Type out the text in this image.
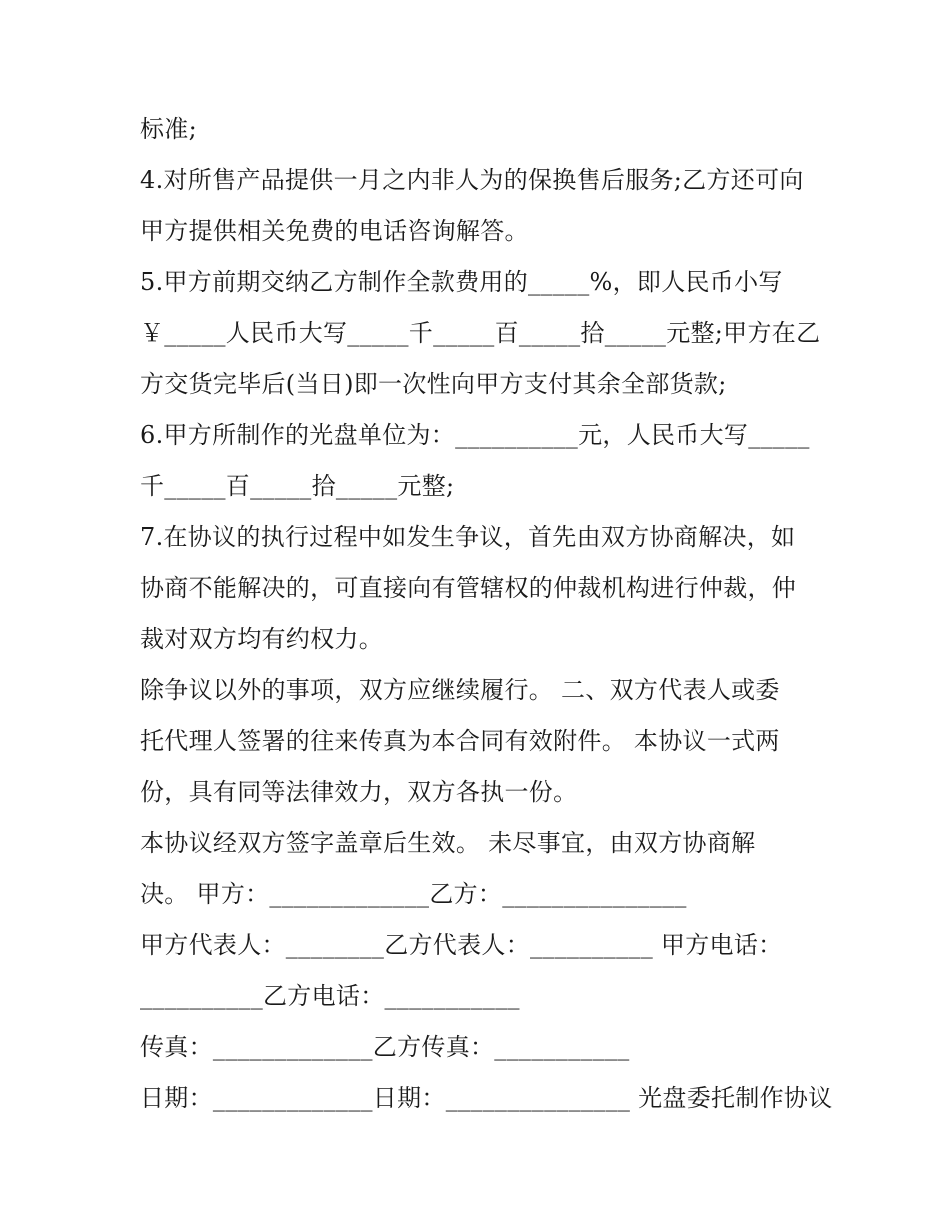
标准;
4.对所售产品提供一月之内非人为的保换售后服务;乙方还可向
甲方提供相关免费的电话咨询解答。
5.甲方前期交纳乙方制作全款费用的_____%，即人民币小写
￥_____人民币大写_____千_____百_____拾_____元整;甲方在乙
方交货完毕后(当日)即一次性向甲方支付其余全部货款;
6.甲方所制作的光盘单位为：__________元，人民币大写_____
千_____百_____拾_____元整;
7.在协议的执行过程中如发生争议，首先由双方协商解决，如
协商不能解决的，可直接向有管辖权的仲裁机构进行仲裁，仲
裁对双方均有约权力。
除争议以外的事项，双方应继续履行。 二、双方代表人或委
托代理人签署的往来传真为本合同有效附件。 本协议一式两
份，具有同等法律效力，双方各执一份。
本协议经双方签字盖章后生效。 未尽事宜，由双方协商解
决。 甲方：_____________乙方：_______________
甲方代表人：________乙方代表人：__________ 甲方电话：
__________乙方电话：___________
传真：_____________乙方传真：___________
日期：_____________日期：_______________ 光盘委托制作协议
